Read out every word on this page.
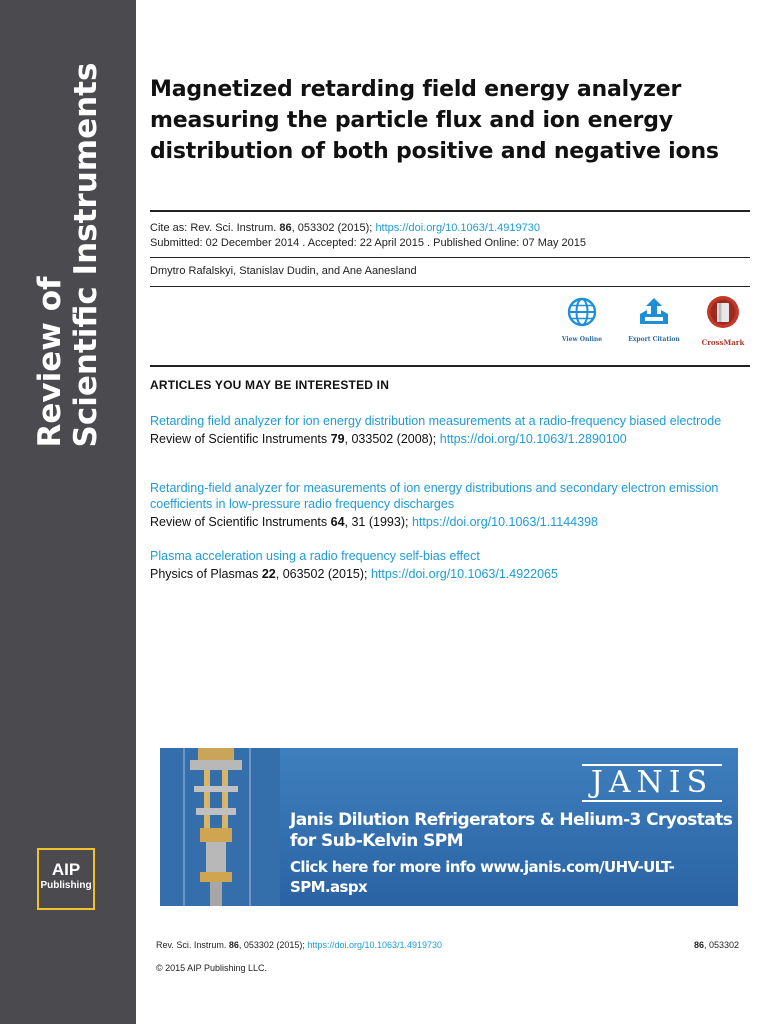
Review of Scientific Instruments
AIP
Publishing
Magnetized retarding field energy analyzer measuring the particle flux and ion energy distribution of both positive and negative ions
Cite as: Rev. Sci. Instrum. 86, 053302 (2015); https://doi.org/10.1063/1.4919730
Submitted: 02 December 2014 . Accepted: 22 April 2015 . Published Online: 07 May 2015
Dmytro Rafalskyi, Stanislav Dudin, and Ane Aanesland
View Online	Export Citation	CrossMark
ARTICLES YOU MAY BE INTERESTED IN
Retarding field analyzer for ion energy distribution measurements at a radio-frequency biased electrode
Review of Scientific Instruments 79, 033502 (2008); https://doi.org/10.1063/1.2890100
Retarding-field analyzer for measurements of ion energy distributions and secondary electron emission coefficients in low-pressure radio frequency discharges
Review of Scientific Instruments 64, 31 (1993); https://doi.org/10.1063/1.1144398
Plasma acceleration using a radio frequency self-bias effect
Physics of Plasmas 22, 063502 (2015); https://doi.org/10.1063/1.4922065
JANIS
Janis Dilution Refrigerators & Helium-3 Cryostats
for Sub-Kelvin SPM
Click here for more info www.janis.com/UHV-ULT-SPM.aspx
Rev. Sci. Instrum. 86, 053302 (2015); https://doi.org/10.1063/1.4919730	86, 053302
© 2015 AIP Publishing LLC.
